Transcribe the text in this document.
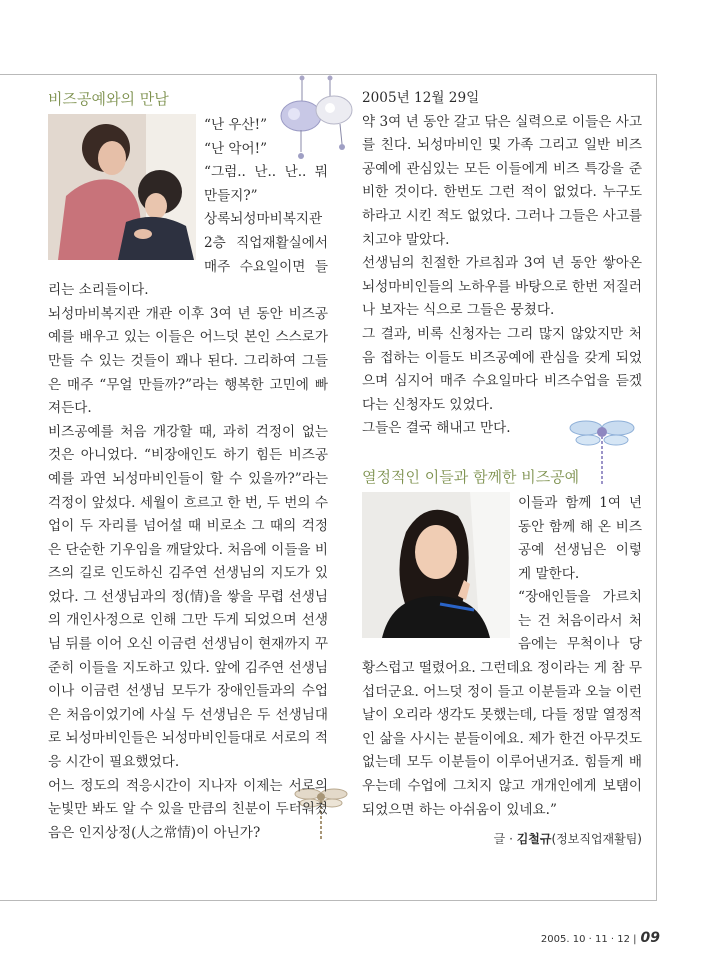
비즈공예와의 만남

“난 우산!”

“난 악어!”

“그럼.. 난.. 난.. 뭐 만들지?”

상록뇌성마비복지관 2층 직업재활실에서 매주 수요일이면 들리는 소리들이다.

뇌성마비복지관 개관 이후 3여 년 동안 비즈공예를 배우고 있는 이들은 어느덧 본인 스스로가 만들 수 있는 것들이 꽤나 된다. 그리하여 그들은 매주 “무얼 만들까?”라는 행복한 고민에 빠져든다.

비즈공예를 처음 개강할 때, 과히 걱정이 없는 것은 아니었다. “비장애인도 하기 힘든 비즈공예를 과연 뇌성마비인들이 할 수 있을까?”라는 걱정이 앞섰다. 세월이 흐르고 한 번, 두 번의 수업이 두 자리를 넘어설 때 비로소 그 때의 걱정은 단순한 기우임을 깨달았다. 처음에 이들을 비즈의 길로 인도하신 김주연 선생님의 지도가 있었다. 그 선생님과의 정(情)을 쌓을 무렵 선생님의 개인사정으로 인해 그만 두게 되었으며 선생님 뒤를 이어 오신 이금련 선생님이 현재까지 꾸준히 이들을 지도하고 있다. 앞에 김주연 선생님이나 이금련 선생님 모두가 장애인들과의 수업은 처음이었기에 사실 두 선생님은 두 선생님대로 뇌성마비인들은 뇌성마비인들대로 서로의 적응 시간이 필요했었다.

어느 정도의 적응시간이 지나자 이제는 서로의 눈빛만 봐도 알 수 있을 만큼의 친분이 두터워졌음은 인지상정(人之常情)이 아닌가?

2005년 12월 29일

약 3여 년 동안 갈고 닦은 실력으로 이들은 사고를 친다. 뇌성마비인 및 가족 그리고 일반 비즈공예에 관심있는 모든 이들에게 비즈 특강을 준비한 것이다. 한번도 그런 적이 없었다. 누구도 하라고 시킨 적도 없었다. 그러나 그들은 사고를 치고야 말았다.

선생님의 친절한 가르침과 3여 년 동안 쌓아온 뇌성마비인들의 노하우를 바탕으로 한번 저질러나 보자는 식으로 그들은 뭉쳤다.

그 결과, 비록 신청자는 그리 많지 않았지만 처음 접하는 이들도 비즈공예에 관심을 갖게 되었으며 심지어 매주 수요일마다 비즈수업을 듣겠다는 신청자도 있었다.

그들은 결국 해내고 만다.

열정적인 이들과 함께한 비즈공예

이들과 함께 1여 년 동안 함께 해 온 비즈공예 선생님은 이렇게 말한다.

“장애인들을 가르치는 건 처음이라서 처음에는 무척이나 당황스럽고 떨렸어요. 그런데요 정이라는 게 참 무섭더군요. 어느덧 정이 들고 이분들과 오늘 이런 날이 오리라 생각도 못했는데, 다들 정말 열정적인 삶을 사시는 분들이에요. 제가 한건 아무것도 없는데 모두 이분들이 이루어낸거죠. 힘들게 배우는데 수업에 그치지 않고 개개인에게 보탬이 되었으면 하는 아쉬움이 있네요.”

글 · 김철규(정보직업재활팀)
2005. 10 · 11 · 12 | 09
